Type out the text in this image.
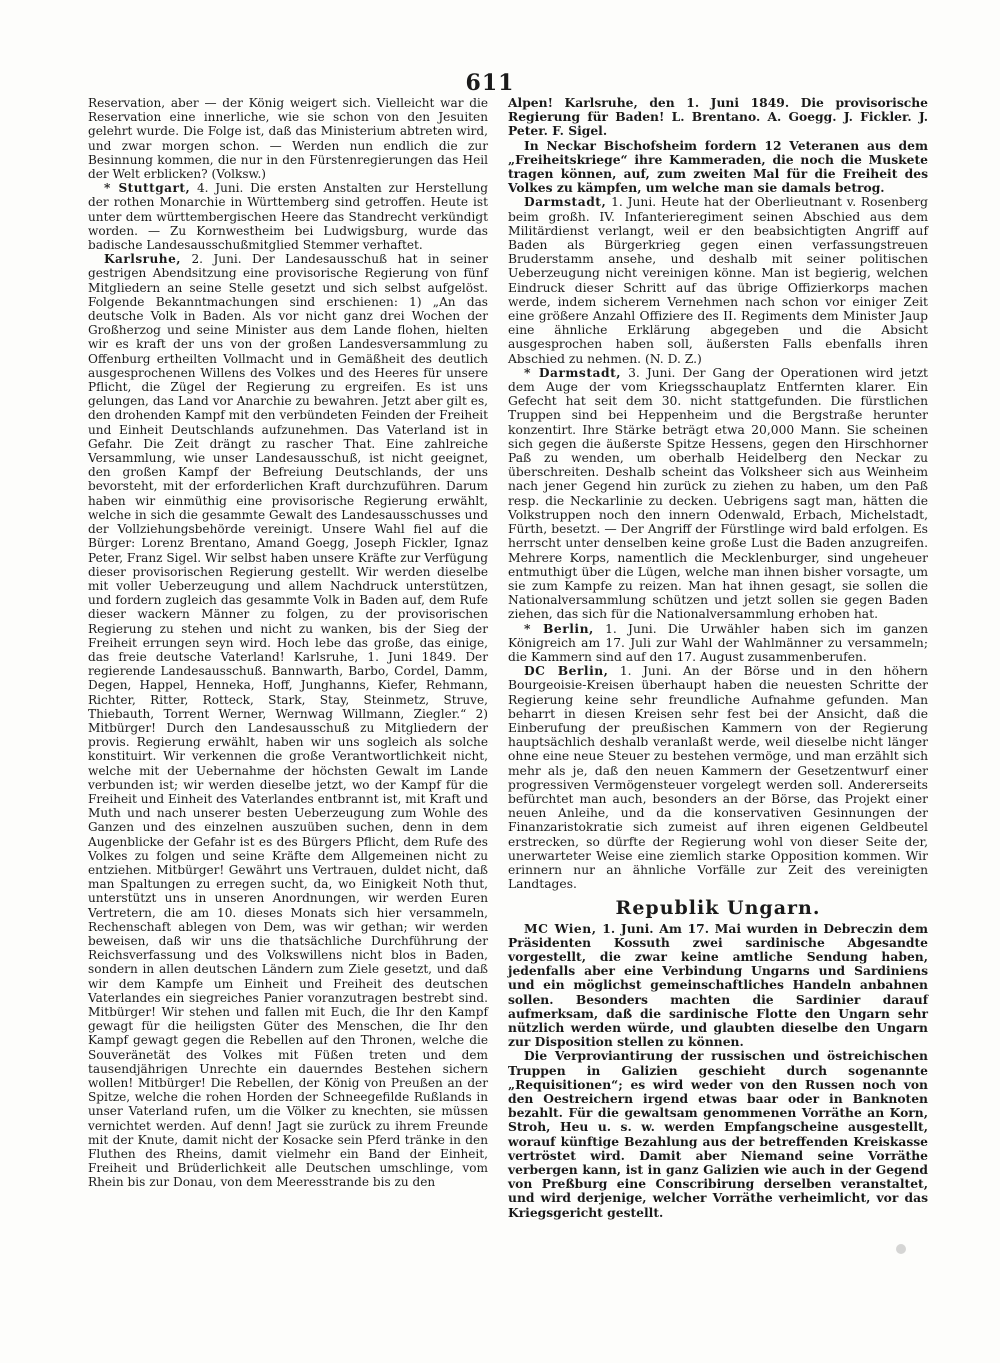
611

Reservation, aber — der König weigert sich. Vielleicht war die Reservation eine innerliche, wie sie schon von den Jesuiten gelehrt wurde. Die Folge ist, daß das Ministerium abtreten wird, und zwar morgen schon. — Werden nun endlich die zur Besinnung kommen, die nur in den Fürstenregierungen das Heil der Welt erblicken? (Volksw.)

* Stuttgart, 4. Juni. Die ersten Anstalten zur Herstellung der rothen Monarchie in Württemberg sind getroffen. Heute ist unter dem württembergischen Heere das Standrecht verkündigt worden. — Zu Kornwestheim bei Ludwigsburg, wurde das badische Landesausschußmitglied Stemmer verhaftet.

Karlsruhe, 2. Juni. Der Landesausschuß hat in seiner gestrigen Abendsitzung eine provisorische Regierung von fünf Mitgliedern an seine Stelle gesetzt und sich selbst aufgelöst. Folgende Bekanntmachungen sind erschienen: 1) „An das deutsche Volk in Baden. Als vor nicht ganz drei Wochen der Großherzog und seine Minister aus dem Lande flohen, hielten wir es kraft der uns von der großen Landesversammlung zu Offenburg ertheilten Vollmacht und in Gemäßheit des deutlich ausgesprochenen Willens des Volkes und des Heeres für unsere Pflicht, die Zügel der Regierung zu ergreifen. Es ist uns gelungen, das Land vor Anarchie zu bewahren. Jetzt aber gilt es, den drohenden Kampf mit den verbündeten Feinden der Freiheit und Einheit Deutschlands aufzunehmen. Das Vaterland ist in Gefahr. Die Zeit drängt zu rascher That. Eine zahlreiche Versammlung, wie unser Landesausschuß, ist nicht geeignet, den großen Kampf der Befreiung Deutschlands, der uns bevorsteht, mit der erforderlichen Kraft durchzuführen. Darum haben wir einmüthig eine provisorische Regierung erwählt, welche in sich die gesammte Gewalt des Landesausschusses und der Vollziehungsbehörde vereinigt. Unsere Wahl fiel auf die Bürger: Lorenz Brentano, Amand Goegg, Joseph Fickler, Ignaz Peter, Franz Sigel. Wir selbst haben unsere Kräfte zur Verfügung dieser provisorischen Regierung gestellt. Wir werden dieselbe mit voller Ueberzeugung und allem Nachdruck unterstützen, und fordern zugleich das gesammte Volk in Baden auf, dem Rufe dieser wackern Männer zu folgen, zu der provisorischen Regierung zu stehen und nicht zu wanken, bis der Sieg der Freiheit errungen seyn wird. Hoch lebe das große, das einige, das freie deutsche Vaterland! Karlsruhe, 1. Juni 1849. Der regierende Landesausschuß. Bannwarth, Barbo, Cordel, Damm, Degen, Happel, Henneka, Hoff, Junghanns, Kiefer, Rehmann, Richter, Ritter, Rotteck, Stark, Stay, Steinmetz, Struve, Thiebauth, Torrent Werner, Wernwag Willmann, Ziegler.“ 2) Mitbürger! Durch den Landesausschuß zu Mitgliedern der provis. Regierung erwählt, haben wir uns sogleich als solche konstituirt. Wir verkennen die große Verantwortlichkeit nicht, welche mit der Uebernahme der höchsten Gewalt im Lande verbunden ist; wir werden dieselbe jetzt, wo der Kampf für die Freiheit und Einheit des Vaterlandes entbrannt ist, mit Kraft und Muth und nach unserer besten Ueberzeugung zum Wohle des Ganzen und des einzelnen auszuüben suchen, denn in dem Augenblicke der Gefahr ist es des Bürgers Pflicht, dem Rufe des Volkes zu folgen und seine Kräfte dem Allgemeinen nicht zu entziehen. Mitbürger! Gewährt uns Vertrauen, duldet nicht, daß man Spaltungen zu erregen sucht, da, wo Einigkeit Noth thut, unterstützt uns in unseren Anordnungen, wir werden Euren Vertretern, die am 10. dieses Monats sich hier versammeln, Rechenschaft ablegen von Dem, was wir gethan; wir werden beweisen, daß wir uns die thatsächliche Durchführung der Reichsverfassung und des Volkswillens nicht blos in Baden, sondern in allen deutschen Ländern zum Ziele gesetzt, und daß wir dem Kampfe um Einheit und Freiheit des deutschen Vaterlandes ein siegreiches Panier voranzutragen bestrebt sind. Mitbürger! Wir stehen und fallen mit Euch, die Ihr den Kampf gewagt für die heiligsten Güter des Menschen, die Ihr den Kampf gewagt gegen die Rebellen auf den Thronen, welche die Souveränetät des Volkes mit Füßen treten und dem tausendjährigen Unrechte ein dauerndes Bestehen sichern wollen! Mitbürger! Die Rebellen, der König von Preußen an der Spitze, welche die rohen Horden der Schneegefilde Rußlands in unser Vaterland rufen, um die Völker zu knechten, sie müssen vernichtet werden. Auf denn! Jagt sie zurück zu ihrem Freunde mit der Knute, damit nicht der Kosacke sein Pferd tränke in den Fluthen des Rheins, damit vielmehr ein Band der Einheit, Freiheit und Brüderlichkeit alle Deutschen umschlinge, vom Rhein bis zur Donau, von dem Meeresstrande bis zu den

Alpen! Karlsruhe, den 1. Juni 1849. Die provisorische Regierung für Baden! L. Brentano. A. Goegg. J. Fickler. J. Peter. F. Sigel.

In Neckar Bischofsheim fordern 12 Veteranen aus dem „Freiheitskriege“ ihre Kammeraden, die noch die Muskete tragen können, auf, zum zweiten Mal für die Freiheit des Volkes zu kämpfen, um welche man sie damals betrog.

Darmstadt, 1. Juni. Heute hat der Oberlieutnant v. Rosenberg beim großh. IV. Infanterieregiment seinen Abschied aus dem Militärdienst verlangt, weil er den beabsichtigten Angriff auf Baden als Bürgerkrieg gegen einen verfassungstreuen Bruderstamm ansehe, und deshalb mit seiner politischen Ueberzeugung nicht vereinigen könne. Man ist begierig, welchen Eindruck dieser Schritt auf das übrige Offizierkorps machen werde, indem sicherem Vernehmen nach schon vor einiger Zeit eine größere Anzahl Offiziere des II. Regiments dem Minister Jaup eine ähnliche Erklärung abgegeben und die Absicht ausgesprochen haben soll, äußersten Falls ebenfalls ihren Abschied zu nehmen. (N. D. Z.)

* Darmstadt, 3. Juni. Der Gang der Operationen wird jetzt dem Auge der vom Kriegsschauplatz Entfernten klarer. Ein Gefecht hat seit dem 30. nicht stattgefunden. Die fürstlichen Truppen sind bei Heppenheim und die Bergstraße herunter konzentirt. Ihre Stärke beträgt etwa 20,000 Mann. Sie scheinen sich gegen die äußerste Spitze Hessens, gegen den Hirschhorner Paß zu wenden, um oberhalb Heidelberg den Neckar zu überschreiten. Deshalb scheint das Volksheer sich aus Weinheim nach jener Gegend hin zurück zu ziehen zu haben, um den Paß resp. die Neckarlinie zu decken. Uebrigens sagt man, hätten die Volkstruppen noch den innern Odenwald, Erbach, Michelstadt, Fürth, besetzt. — Der Angriff der Fürstlinge wird bald erfolgen. Es herrscht unter denselben keine große Lust die Baden anzugreifen. Mehrere Korps, namentlich die Mecklenburger, sind ungeheuer entmuthigt über die Lügen, welche man ihnen bisher vorsagte, um sie zum Kampfe zu reizen. Man hat ihnen gesagt, sie sollen die Nationalversammlung schützen und jetzt sollen sie gegen Baden ziehen, das sich für die Nationalversammlung erhoben hat.

* Berlin, 1. Juni. Die Urwähler haben sich im ganzen Königreich am 17. Juli zur Wahl der Wahlmänner zu versammeln; die Kammern sind auf den 17. August zusammenberufen.

DC Berlin, 1. Juni. An der Börse und in den höhern Bourgeoisie-Kreisen überhaupt haben die neuesten Schritte der Regierung keine sehr freundliche Aufnahme gefunden. Man beharrt in diesen Kreisen sehr fest bei der Ansicht, daß die Einberufung der preußischen Kammern von der Regierung hauptsächlich deshalb veranlaßt werde, weil dieselbe nicht länger ohne eine neue Steuer zu bestehen vermöge, und man erzählt sich mehr als je, daß den neuen Kammern der Gesetzentwurf einer progressiven Vermögensteuer vorgelegt werden soll. Andererseits befürchtet man auch, besonders an der Börse, das Projekt einer neuen Anleihe, und da die konservativen Gesinnungen der Finanzaristokratie sich zumeist auf ihren eigenen Geldbeutel erstrecken, so dürfte der Regierung wohl von dieser Seite der, unerwarteter Weise eine ziemlich starke Opposition kommen. Wir erinnern nur an ähnliche Vorfälle zur Zeit des vereinigten Landtages.

Republik Ungarn.

MC Wien, 1. Juni. Am 17. Mai wurden in Debreczin dem Präsidenten Kossuth zwei sardinische Abgesandte vorgestellt, die zwar keine amtliche Sendung haben, jedenfalls aber eine Verbindung Ungarns und Sardiniens und ein möglichst gemeinschaftliches Handeln anbahnen sollen. Besonders machten die Sardinier darauf aufmerksam, daß die sardinische Flotte den Ungarn sehr nützlich werden würde, und glaubten dieselbe den Ungarn zur Disposition stellen zu können.

Die Verproviantirung der russischen und östreichischen Truppen in Galizien geschieht durch sogenannte „Requisitionen“; es wird weder von den Russen noch von den Oestreichern irgend etwas baar oder in Banknoten bezahlt. Für die gewaltsam genommenen Vorräthe an Korn, Stroh, Heu u. s. w. werden Empfangscheine ausgestellt, worauf künftige Bezahlung aus der betreffenden Kreiskasse vertröstet wird. Damit aber Niemand seine Vorräthe verbergen kann, ist in ganz Galizien wie auch in der Gegend von Preßburg eine Conscribirung derselben veranstaltet, und wird derjenige, welcher Vorräthe verheimlicht, vor das Kriegsgericht gestellt.
